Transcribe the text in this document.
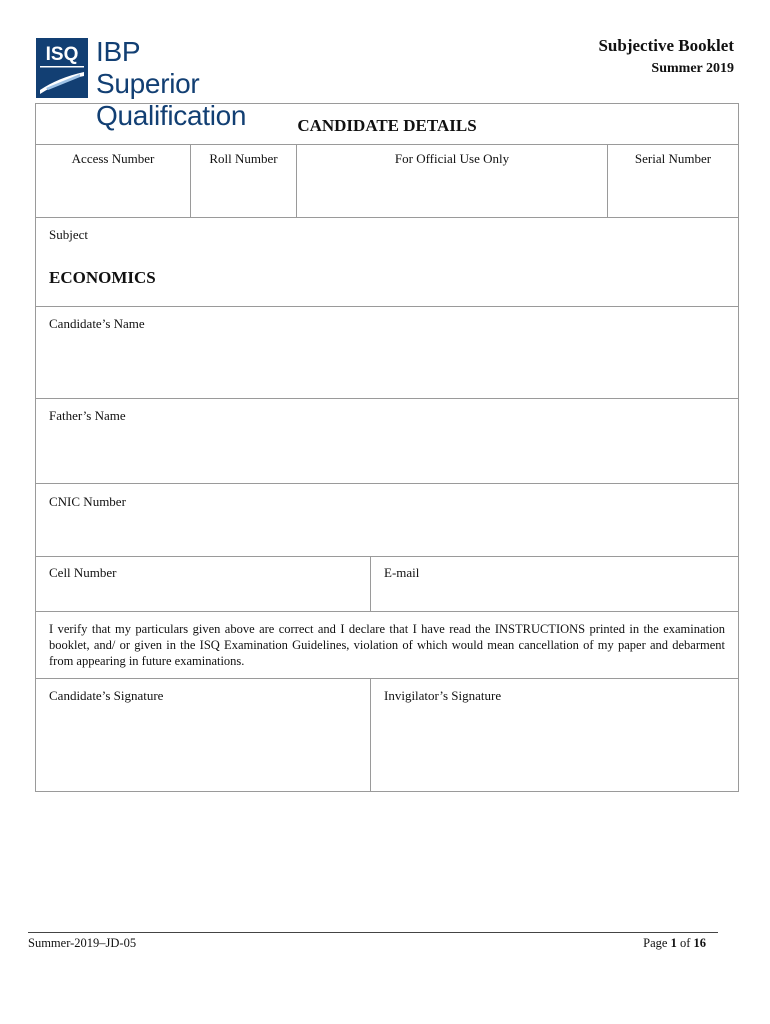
ISQ IBP Superior
Qualification
Subjective Booklet
Summer 2019
CANDIDATE DETAILS
Access Number	Roll Number	For Official Use Only	Serial Number
Subject
ECONOMICS
Candidate’s Name
Father’s Name
CNIC Number
Cell Number	E-mail
I verify that my particulars given above are correct and I declare that I have read the INSTRUCTIONS printed in the examination booklet, and/ or given in the ISQ Examination Guidelines, violation of which would mean cancellation of my paper and debarment from appearing in future examinations.
Candidate’s Signature	Invigilator’s Signature
Summer-2019–JD-05	Page 1 of 16
